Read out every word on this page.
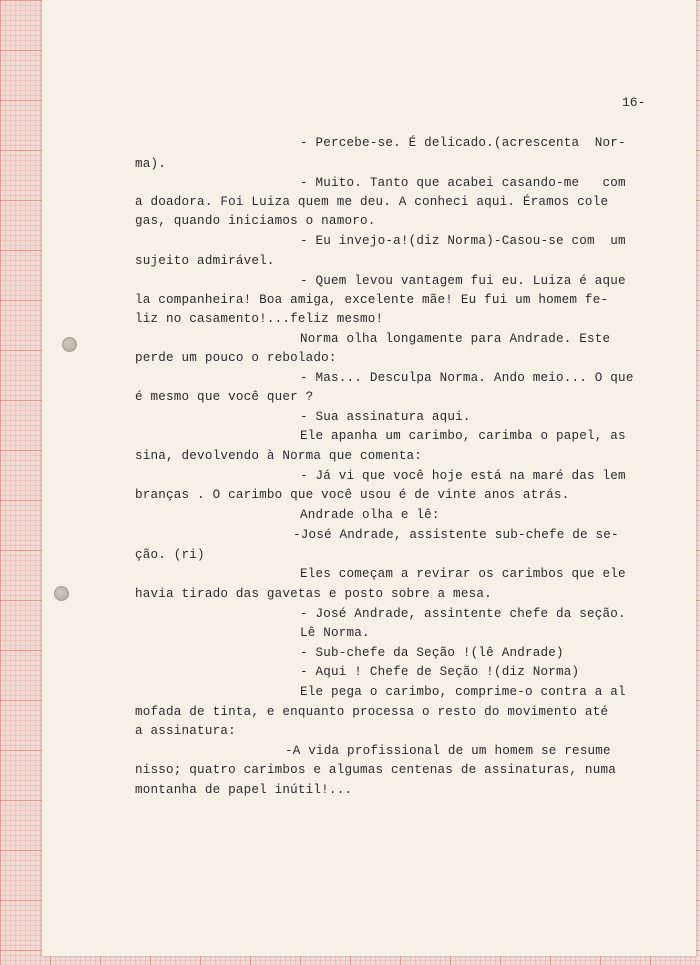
16-
- Percebe-se. É delicado.(acrescenta  Nor-
ma).
- Muito. Tanto que acabei casando-me   com
a doadora. Foi Luiza quem me deu. A conheci aqui. Éramos cole
gas, quando iniciamos o namoro.
- Eu invejo-a!(diz Norma)-Casou-se com  um
sujeito admirável.
- Quem levou vantagem fui eu. Luiza é aque
la companheira! Boa amiga, excelente mãe! Eu fui um homem fe-
liz no casamento!...feliz mesmo!
Norma olha longamente para Andrade. Este
perde um pouco o rebolado:
- Mas... Desculpa Norma. Ando meio... O que
é mesmo que você quer ?
- Sua assinatura aqui.
Ele apanha um carimbo, carimba o papel, as
sina, devolvendo à Norma que comenta:
- Já vi que você hoje está na maré das lem
branças . O carimbo que você usou é de vinte anos atrás.
Andrade olha e lê:
-José Andrade, assistente sub-chefe de se-
ção. (ri)
Eles começam a revirar os carimbos que ele
havia tirado das gavetas e posto sobre a mesa.
- José Andrade, assintente chefe da seção.
Lê Norma.
- Sub-chefe da Seção !(lê Andrade)
- Aqui ! Chefe de Seção !(diz Norma)
Ele pega o carimbo, comprime-o contra a al
mofada de tinta, e enquanto processa o resto do movimento até
a assinatura:
-A vida profissional de um homem se resume
nisso; quatro carimbos e algumas centenas de assinaturas, numa
montanha de papel inútil!...
